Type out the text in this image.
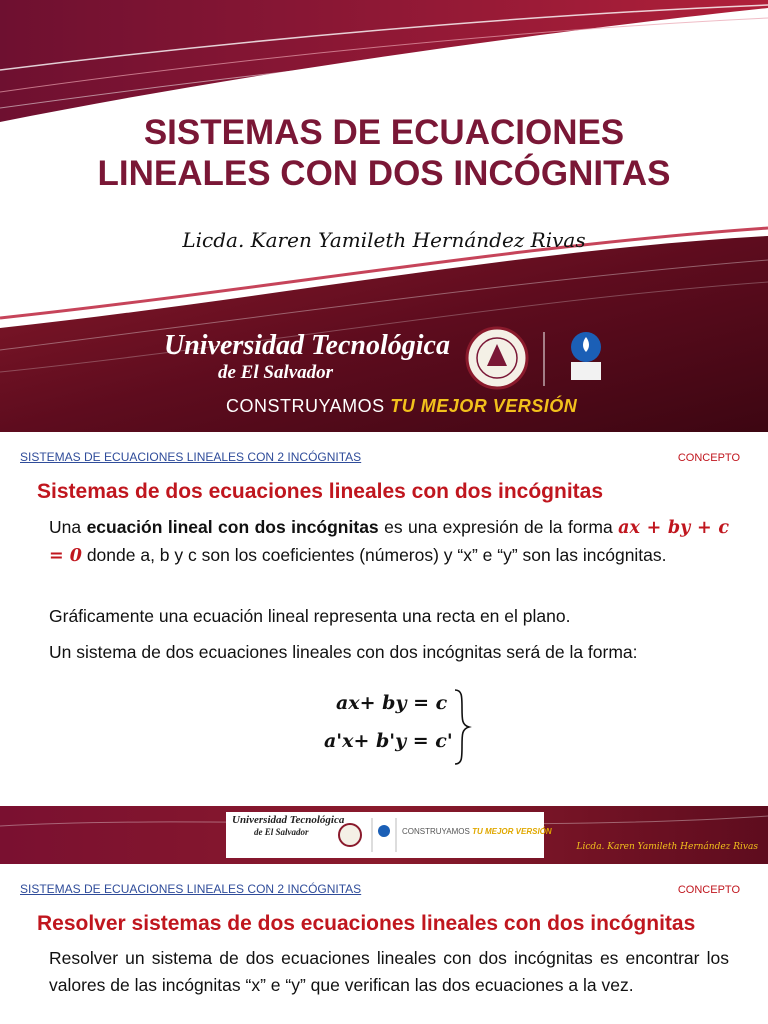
SISTEMAS DE ECUACIONES
LINEALES CON DOS INCÓGNITAS
Licda. Karen Yamileth Hernández Rivas
Universidad Tecnológica
de El Salvador
CONSTRUYAMOS TU MEJOR VERSIÓN
SISTEMAS DE ECUACIONES LINEALES CON 2 INCÓGNITAS	CONCEPTO
Sistemas de dos ecuaciones lineales con dos incógnitas
Una ecuación lineal con dos incógnitas es una expresión de la forma ax + by + c = 0 donde a, b y c son los coeficientes (números) y “x” e “y” son las incógnitas.
Gráficamente una ecuación lineal representa una recta en el plano.
Un sistema de dos ecuaciones lineales con dos incógnitas será de la forma:
ax+ by = c
a'x+ b'y = c'
Universidad Tecnológica
de El Salvador	CONSTRUYAMOS TU MEJOR VERSIÓN
Licda. Karen Yamileth Hernández Rivas
SISTEMAS DE ECUACIONES LINEALES CON 2 INCÓGNITAS	CONCEPTO
Resolver sistemas de dos ecuaciones lineales con dos incógnitas
Resolver un sistema de dos ecuaciones lineales con dos incógnitas es encontrar los valores de las incógnitas “x” e “y” que verifican las dos ecuaciones a la vez.
